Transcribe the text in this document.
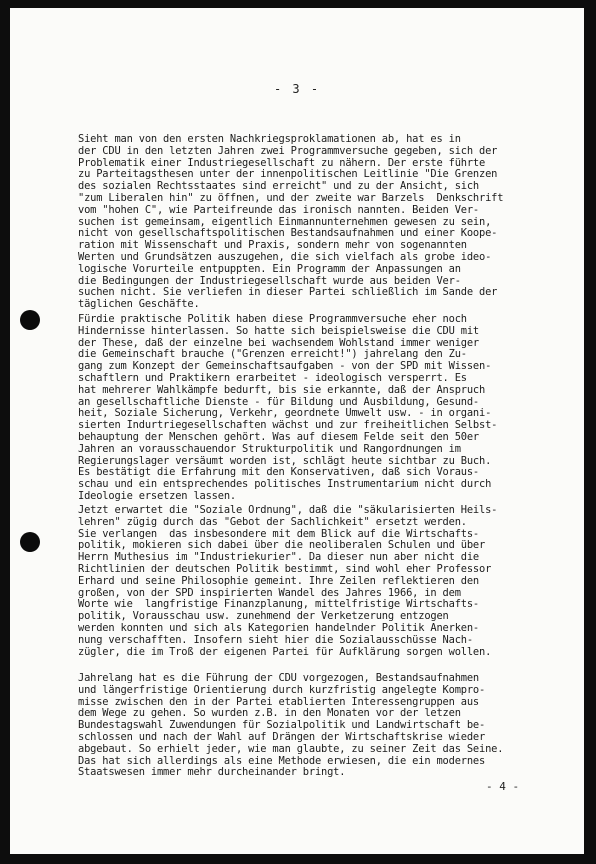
- 3 -
Sieht man von den ersten Nachkriegsproklamationen ab, hat es in
der CDU in den letzten Jahren zwei Programmversuche gegeben, sich der
Problematik einer Industriegesellschaft zu nähern. Der erste führte
zu Parteitagsthesen unter der innenpolitischen Leitlinie "Die Grenzen
des sozialen Rechtsstaates sind erreicht" und zu der Ansicht, sich
"zum Liberalen hin" zu öffnen, und der zweite war Barzels  Denkschrift
vom "hohen C", wie Parteifreunde das ironisch nannten. Beiden Ver-
suchen ist gemeinsam, eigentlich Einmannunternehmen gewesen zu sein,
nicht von gesellschaftspolitischen Bestandsaufnahmen und einer Koope-
ration mit Wissenschaft und Praxis, sondern mehr von sogenannten
Werten und Grundsätzen auszugehen, die sich vielfach als grobe ideo-
logische Vorurteile entpuppten. Ein Programm der Anpassungen an
die Bedingungen der Industriegesellschaft wurde aus beiden Ver-
suchen nicht. Sie verliefen in dieser Partei schließlich im Sande der
täglichen Geschäfte.
Fürdie praktische Politik haben diese Programmversuche eher noch
Hindernisse hinterlassen. So hatte sich beispielsweise die CDU mit
der These, daß der einzelne bei wachsendem Wohlstand immer weniger
die Gemeinschaft brauche ("Grenzen erreicht!") jahrelang den Zu-
gang zum Konzept der Gemeinschaftsaufgaben - von der SPD mit Wissen-
schaftlern und Praktikern erarbeitet - ideologisch versperrt. Es
hat mehrerer Wahlkämpfe bedurft, bis sie erkannte, daß der Anspruch
an gesellschaftliche Dienste - für Bildung und Ausbildung, Gesund-
heit, Soziale Sicherung, Verkehr, geordnete Umwelt usw. - in organi-
sierten Indurtriegesellschaften wächst und zur freiheitlichen Selbst-
behauptung der Menschen gehört. Was auf diesem Felde seit den 50er
Jahren an vorausschauendor Strukturpolitik und Rangordnungen im
Regierungslager versäumt worden ist, schlägt heute sichtbar zu Buch.
Es bestätigt die Erfahrung mit den Konservativen, daß sich Voraus-
schau und ein entsprechendes politisches Instrumentarium nicht durch
Ideologie ersetzen lassen.
Jetzt erwartet die "Soziale Ordnung", daß die "säkularisierten Heils-
lehren" zügig durch das "Gebot der Sachlichkeit" ersetzt werden.
Sie verlangen  das insbesondere mit dem Blick auf die Wirtschafts-
politik, mokieren sich dabei über die neoliberalen Schulen und über
Herrn Muthesius im "Industriekurier". Da dieser nun aber nicht die
Richtlinien der deutschen Politik bestimmt, sind wohl eher Professor
Erhard und seine Philosophie gemeint. Ihre Zeilen reflektieren den
großen, von der SPD inspirierten Wandel des Jahres 1966, in dem
Worte wie  langfristige Finanzplanung, mittelfristige Wirtschafts-
politik, Vorausschau usw. zunehmend der Verketzerung entzogen
werden konnten und sich als Kategorien handelnder Politik Anerken-
nung verschafften. Insofern sieht hier die Sozialausschüsse Nach-
zügler, die im Troß der eigenen Partei für Aufklärung sorgen wollen.
Jahrelang hat es die Führung der CDU vorgezogen, Bestandsaufnahmen
und längerfristige Orientierung durch kurzfristig angelegte Kompro-
misse zwischen den in der Partei etablierten Interessengruppen aus
dem Wege zu gehen. So wurden z.B. in den Monaten vor der letzen
Bundestagswahl Zuwendungen für Sozialpolitik und Landwirtschaft be-
schlossen und nach der Wahl auf Drängen der Wirtschaftskrise wieder
abgebaut. So erhielt jeder, wie man glaubte, zu seiner Zeit das Seine.
Das hat sich allerdings als eine Methode erwiesen, die ein modernes
Staatswesen immer mehr durcheinander bringt.
- 4 -
